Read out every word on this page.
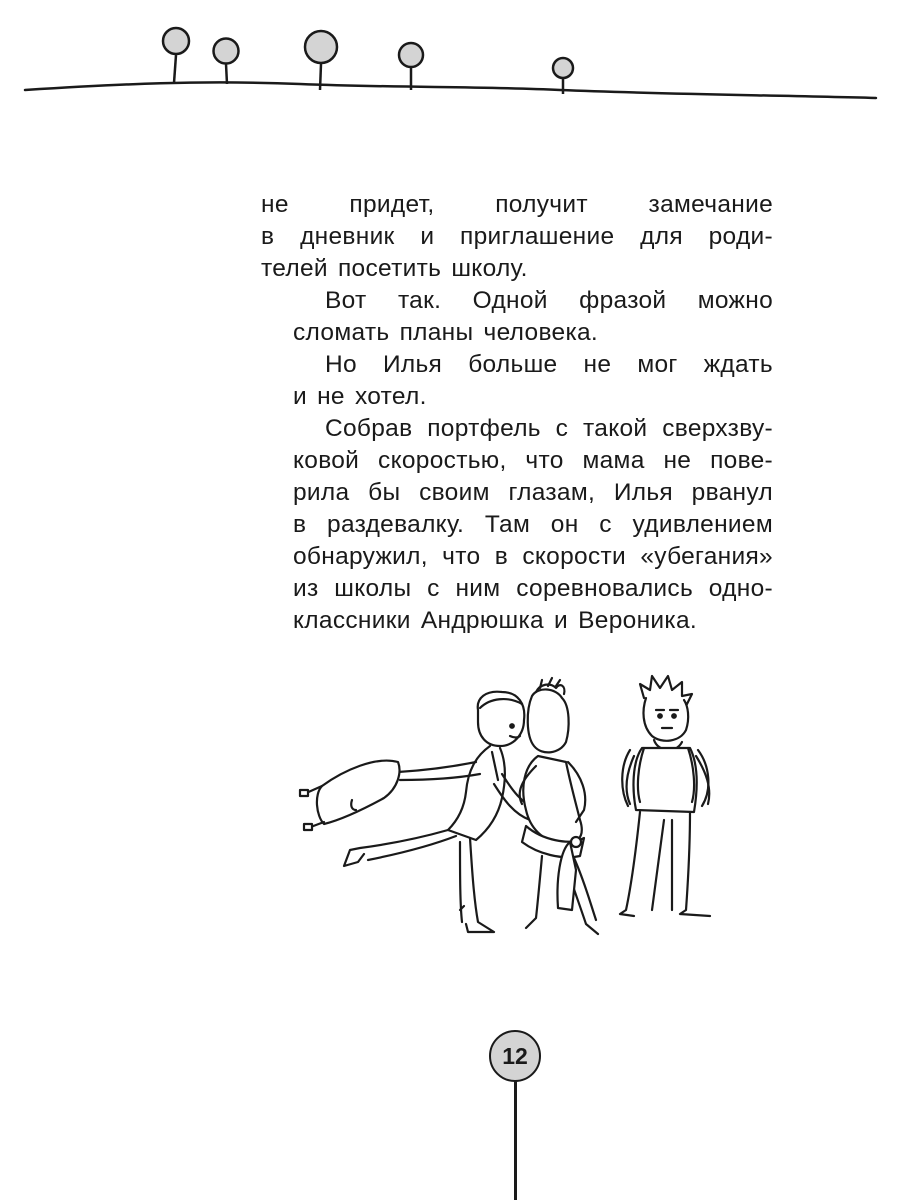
не придет, получит замечание
в дневник и приглашение для роди-
телей посетить школу.

Вот так. Одной фразой можно
сломать планы человека.

Но Илья больше не мог ждать
и не хотел.

Собрав портфель с такой сверхзву-
ковой скоростью, что мама не пове-
рила бы своим глазам, Илья рванул
в раздевалку. Там он с удивлением
обнаружил, что в скорости «убегания»
из школы с ним соревновались одно-
классники Андрюшка и Вероника.

12
